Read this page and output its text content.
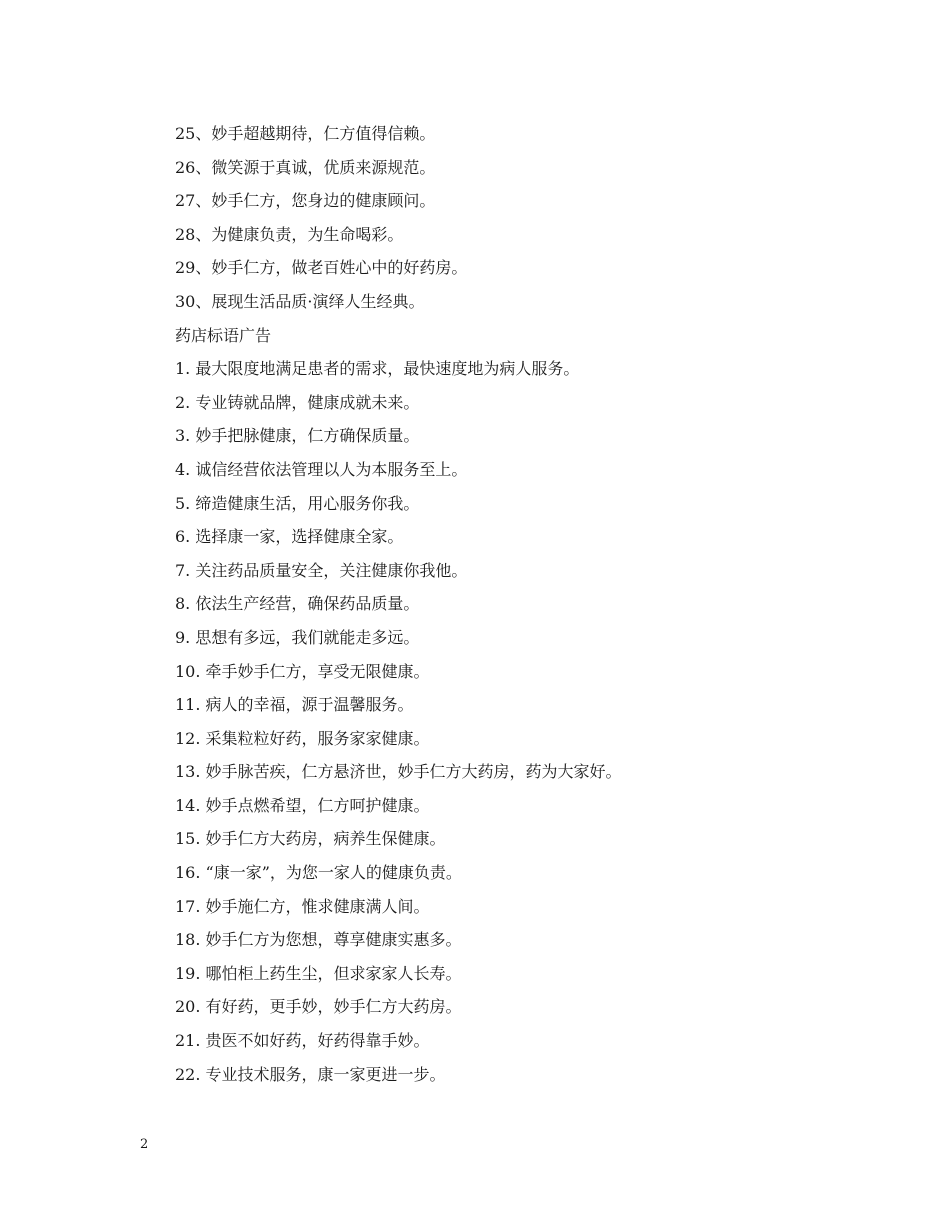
25、妙手超越期待，仁方值得信赖。
26、微笑源于真诚，优质来源规范。
27、妙手仁方，您身边的健康顾问。
28、为健康负责，为生命喝彩。
29、妙手仁方，做老百姓心中的好药房。
30、展现生活品质·演绎人生经典。
药店标语广告
1. 最大限度地满足患者的需求，最快速度地为病人服务。
2. 专业铸就品牌，健康成就未来。
3. 妙手把脉健康，仁方确保质量。
4. 诚信经营依法管理以人为本服务至上。
5. 缔造健康生活，用心服务你我。
6. 选择康一家，选择健康全家。
7. 关注药品质量安全，关注健康你我他。
8. 依法生产经营，确保药品质量。
9. 思想有多远，我们就能走多远。
10. 牵手妙手仁方，享受无限健康。
11. 病人的幸福，源于温馨服务。
12. 采集粒粒好药，服务家家健康。
13. 妙手脉苦疾，仁方悬济世，妙手仁方大药房，药为大家好。
14. 妙手点燃希望，仁方呵护健康。
15. 妙手仁方大药房，病养生保健康。
16. “康一家”，为您一家人的健康负责。
17. 妙手施仁方，惟求健康满人间。
18. 妙手仁方为您想，尊享健康实惠多。
19. 哪怕柜上药生尘，但求家家人长寿。
20. 有好药，更手妙，妙手仁方大药房。
21. 贵医不如好药，好药得靠手妙。
22. 专业技术服务，康一家更进一步。
2
